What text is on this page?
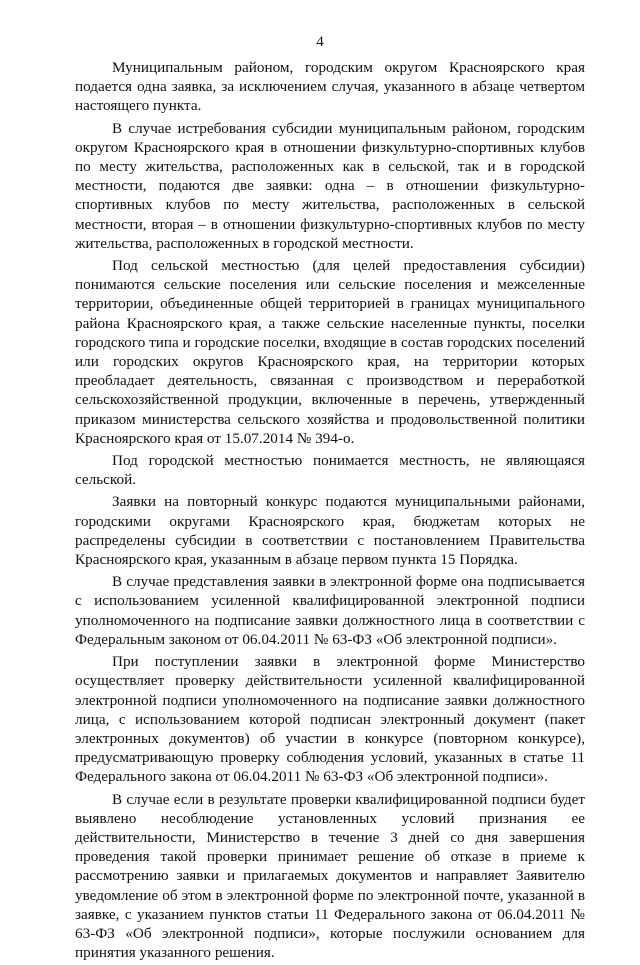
4

Муниципальным районом, городским округом Красноярского края подается одна заявка, за исключением случая, указанного в абзаце четвертом настоящего пункта.

В случае истребования субсидии муниципальным районом, городским округом Красноярского края в отношении физкультурно-спортивных клубов по месту жительства, расположенных как в сельской, так и в городской местности, подаются две заявки: одна – в отношении физкультурно-спортивных клубов по месту жительства, расположенных в сельской местности, вторая – в отношении физкультурно-спортивных клубов по месту жительства, расположенных в городской местности.

Под сельской местностью (для целей предоставления субсидии) понимаются сельские поселения или сельские поселения и межселенные территории, объединенные общей территорией в границах муниципального района Красноярского края, а также сельские населенные пункты, поселки городского типа и городские поселки, входящие в состав городских поселений или городских округов Красноярского края, на территории которых преобладает деятельность, связанная с производством и переработкой сельскохозяйственной продукции, включенные в перечень, утвержденный приказом министерства сельского хозяйства и продовольственной политики Красноярского края от 15.07.2014 № 394-о.

Под городской местностью понимается местность, не являющаяся сельской.

Заявки на повторный конкурс подаются муниципальными районами, городскими округами Красноярского края, бюджетам которых не распределены субсидии в соответствии с постановлением Правительства Красноярского края, указанным в абзаце первом пункта 15 Порядка.

В случае представления заявки в электронной форме она подписывается с использованием усиленной квалифицированной электронной подписи уполномоченного на подписание заявки должностного лица в соответствии с Федеральным законом от 06.04.2011 № 63-ФЗ «Об электронной подписи».

При поступлении заявки в электронной форме Министерство осуществляет проверку действительности усиленной квалифицированной электронной подписи уполномоченного на подписание заявки должностного лица, с использованием которой подписан электронный документ (пакет электронных документов) об участии в конкурсе (повторном конкурсе), предусматривающую проверку соблюдения условий, указанных в статье 11 Федерального закона от 06.04.2011 № 63-ФЗ «Об электронной подписи».

В случае если в результате проверки квалифицированной подписи будет выявлено несоблюдение установленных условий признания ее действительности, Министерство в течение 3 дней со дня завершения проведения такой проверки принимает решение об отказе в приеме к рассмотрению заявки и прилагаемых документов и направляет Заявителю уведомление об этом в электронной форме по электронной почте, указанной в заявке, с указанием пунктов статьи 11 Федерального закона от 06.04.2011 № 63-ФЗ «Об электронной подписи», которые послужили основанием для принятия указанного решения.
